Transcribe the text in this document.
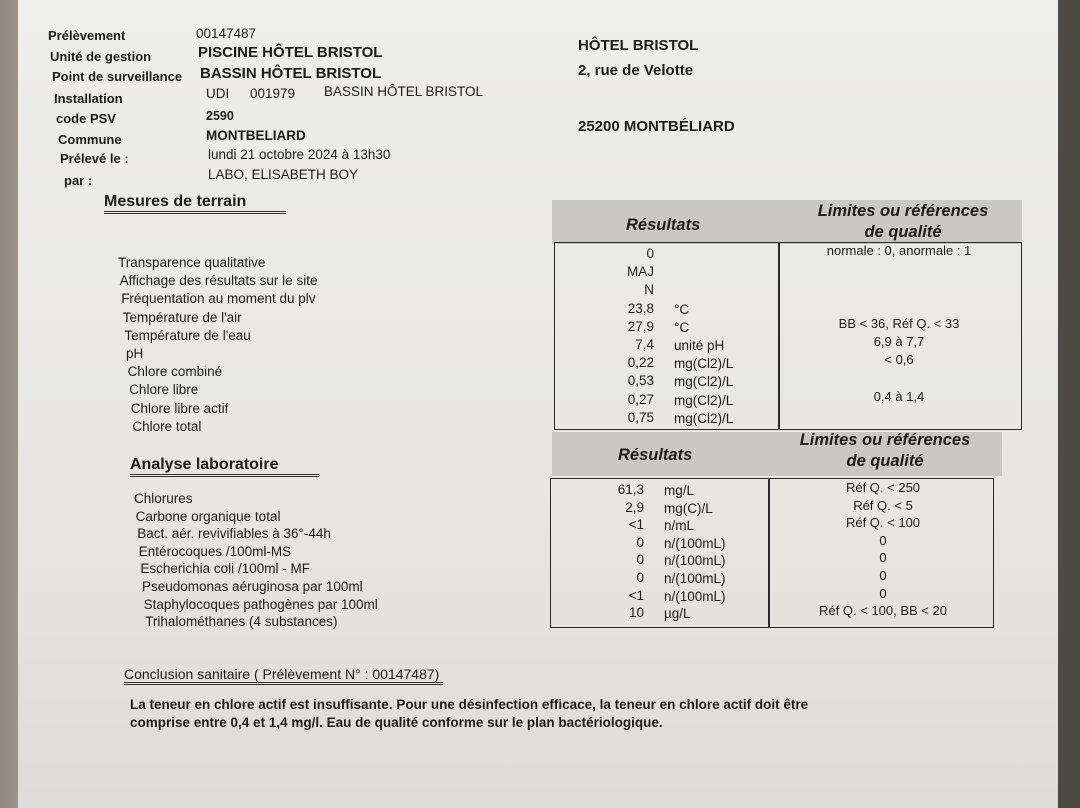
Prélèvement	00147487
Unité de gestion	PISCINE HÔTEL BRISTOL
Point de surveillance BASSIN HÔTEL BRISTOL
Installation	UDI 001979 BASSIN HÔTEL BRISTOL
code PSV	2590
Commune	MONTBELIARD
Prélevé le :	lundi 21 octobre 2024 à 13h30
par :	LABO, ELISABETH BOY
HÔTEL BRISTOL
2, rue de Velotte
25200 MONTBÉLIARD
Mesures de terrain
Résultats
Limites ou références
de qualité
Transparence qualitative
0	normale : 0, anormale : 1
Affichage des résultats sur le site
MAJ
Fréquentation au moment du plv
N
Température de l'air
23,8 °C
Température de l'eau
27,9 °C	BB < 36, Réf Q. < 33
pH
7,4 unité pH	6,9 à 7,7
Chlore combiné
0,22 mg(Cl2)/L	< 0,6
Chlore libre
0,53 mg(Cl2)/L
Chlore libre actif
0,27 mg(Cl2)/L	0,4 à 1,4
Chlore total
0,75 mg(Cl2)/L
Analyse laboratoire
Résultats
Limites ou références
de qualité
Chlorures
61,3 mg/L	Réf Q. < 250
Carbone organique total
2,9 mg(C)/L	Réf Q. < 5
Bact. aér. revivifiables à 36°-44h
<1 n/mL	Réf Q. < 100
Entérocoques /100ml-MS
0 n/(100mL)	0
Escherichia coli /100ml - MF
0 n/(100mL)	0
Pseudomonas aéruginosa par 100ml
0 n/(100mL)	0
Staphylocoques pathogènes par 100ml
<1 n/(100mL)	0
Trihalométhanes (4 substances)
10 µg/L	Réf Q. < 100, BB < 20
Conclusion sanitaire ( Prélèvement N° : 00147487)
La teneur en chlore actif est insuffisante. Pour une désinfection efficace, la teneur en chlore actif doit être
comprise entre 0,4 et 1,4 mg/l. Eau de qualité conforme sur le plan bactériologique.
